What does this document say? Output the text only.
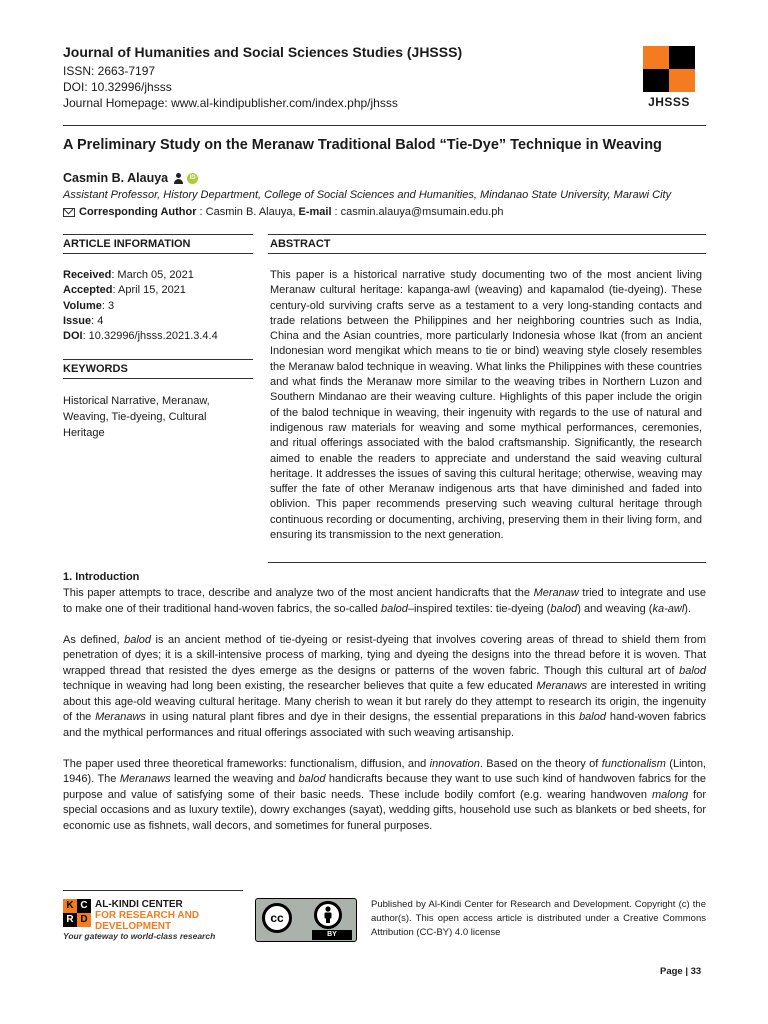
Journal of Humanities and Social Sciences Studies (JHSSS)
ISSN: 2663-7197
DOI: 10.32996/jhsss
Journal Homepage: www.al-kindipublisher.com/index.php/jhsss	JHSSS
A Preliminary Study on the Meranaw Traditional Balod “Tie-Dye” Technique in Weaving
Casmin B. Alauya	iD
Assistant Professor, History Department, College of Social Sciences and Humanities, Mindanao State University, Marawi City
Corresponding Author : Casmin B. Alauya, E-mail : casmin.alauya@msumain.edu.ph
ARTICLE INFORMATION	ABSTRACT
Received: March 05, 2021
Accepted: April 15, 2021
Volume: 3
Issue: 4
DOI: 10.32996/jhsss.2021.3.4.4
KEYWORDS
Historical Narrative, Meranaw, Weaving, Tie-dyeing, Cultural Heritage
This paper is a historical narrative study documenting two of the most ancient living Meranaw cultural heritage: kapanga-awl (weaving) and kapamalod (tie-dyeing). These century-old surviving crafts serve as a testament to a very long-standing contacts and trade relations between the Philippines and her neighboring countries such as India, China and the Asian countries, more particularly Indonesia whose Ikat (from an ancient Indonesian word mengikat which means to tie or bind) weaving style closely resembles the Meranaw balod technique in weaving. What links the Philippines with these countries and what finds the Meranaw more similar to the weaving tribes in Northern Luzon and Southern Mindanao are their weaving culture. Highlights of this paper include the origin of the balod technique in weaving, their ingenuity with regards to the use of natural and indigenous raw materials for weaving and some mythical performances, ceremonies, and ritual offerings associated with the balod craftsmanship. Significantly, the research aimed to enable the readers to appreciate and understand the said weaving cultural heritage. It addresses the issues of saving this cultural heritage; otherwise, weaving may suffer the fate of other Meranaw indigenous arts that have diminished and faded into oblivion. This paper recommends preserving such weaving cultural heritage through continuous recording or documenting, archiving, preserving them in their living form, and ensuring its transmission to the next generation.
1. Introduction

This paper attempts to trace, describe and analyze two of the most ancient handicrafts that the Meranaw tried to integrate and use to make one of their traditional hand-woven fabrics, the so-called balod–inspired textiles: tie-dyeing (balod) and weaving (ka-awl).

As defined, balod is an ancient method of tie-dyeing or resist-dyeing that involves covering areas of thread to shield them from penetration of dyes; it is a skill-intensive process of marking, tying and dyeing the designs into the thread before it is woven. That wrapped thread that resisted the dyes emerge as the designs or patterns of the woven fabric. Though this cultural art of balod technique in weaving had long been existing, the researcher believes that quite a few educated Meranaws are interested in writing about this age-old weaving cultural heritage. Many cherish to wean it but rarely do they attempt to research its origin, the ingenuity of the Meranaws in using natural plant fibres and dye in their designs, the essential preparations in this balod hand-woven fabrics and the mythical performances and ritual offerings associated with such weaving artisanship.

The paper used three theoretical frameworks: functionalism, diffusion, and innovation. Based on the theory of functionalism (Linton, 1946). The Meranaws learned the weaving and balod handicrafts because they want to use such kind of handwoven fabrics for the purpose and value of satisfying some of their basic needs. These include bodily comfort (e.g. wearing handwoven malong for special occasions and as luxury textile), dowry exchanges (sayat), wedding gifts, household use such as blankets or bed sheets, for economic use as fishnets, wall decors, and sometimes for funeral purposes.

K C
R D
AL-KINDI CENTER
FOR RESEARCH AND
DEVELOPMENT
Your gateway to world-class research
cc
BY
Published by Al-Kindi Center for Research and Development. Copyright (c) the author(s). This open access article is distributed under a Creative Commons Attribution (CC-BY) 4.0 license
Page | 33
